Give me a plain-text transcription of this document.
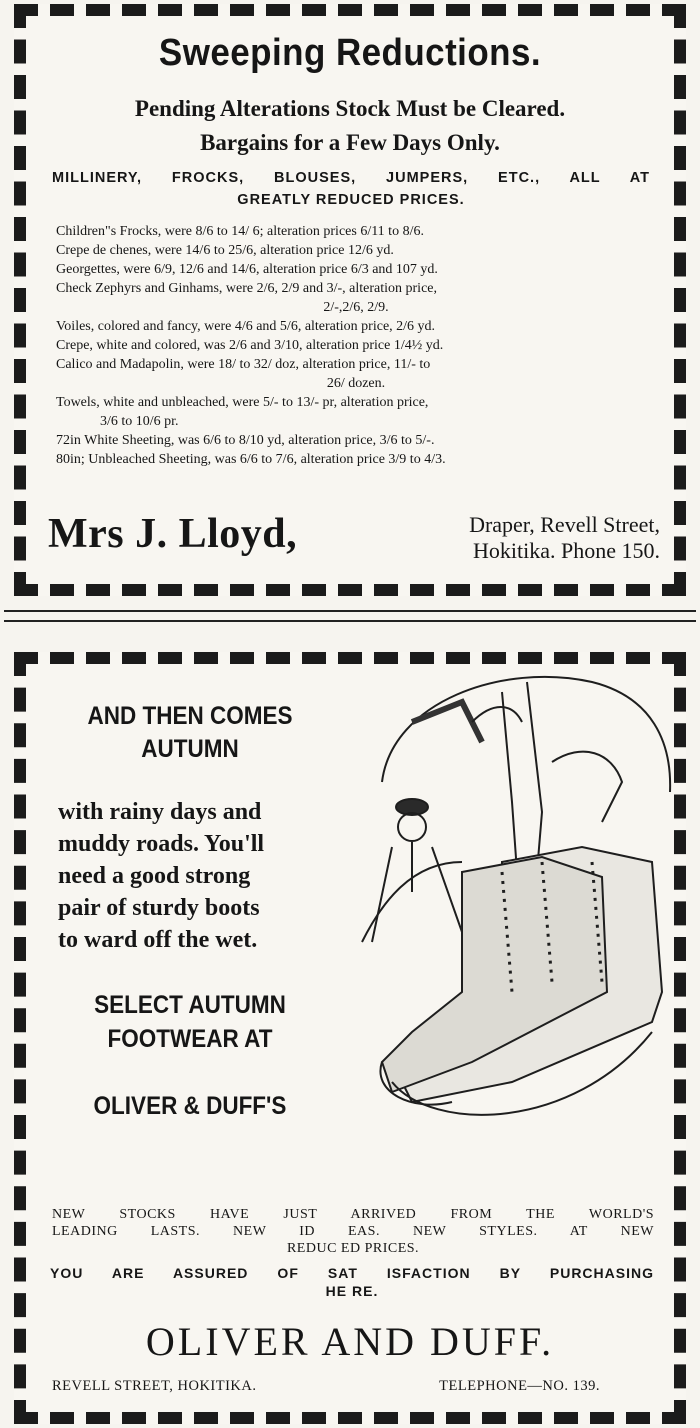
Sweeping Reductions.
Pending Alterations Stock Must be Cleared.
Bargains for a Few Days Only.
MILLINERY, FROCKS, BLOUSES, JUMPERS, ETC., ALL AT
GREATLY REDUCED PRICES.

Children"s Frocks, were 8/6 to 14/ 6; alteration prices 6/11 to 8/6.

Crepe de chenes, were 14/6 to 25/6, alteration price 12/6 yd.

Georgettes, were 6/9, 12/6 and 14/6, alteration price 6/3 and 107 yd.

Check Zephyrs and Ginhams, were 2/6, 2/9 and 3/-, alteration price,
2/-,2/6, 2/9.

Voiles, colored and fancy, were 4/6 and 5/6, alteration price, 2/6 yd.

Crepe, white and colored, was 2/6 and 3/10, alteration price 1/4½ yd.

Calico and Madapolin, were 18/ to 32/ doz, alteration price, 11/- to
26/ dozen.

Towels, white and unbleached, were 5/- to 13/- pr, alteration price,
3/6 to 10/6 pr.

72in White Sheeting, was 6/6 to 8/10 yd, alteration price, 3/6 to 5/-.

80in; Unbleached Sheeting, was 6/6 to 7/6, alteration price 3/9 to 4/3.

Mrs J. Lloyd,	Draper, Revell Street,
Hokitika. Phone 150.
AND THEN COMES
AUTUMN
with rainy days and
muddy roads. You'll
need a good strong
pair of sturdy boots
to ward off the wet.
SELECT AUTUMN
FOOTWEAR AT
OLIVER & DUFF'S
NEW STOCKS HAVE JUST ARRIVED FROM THE WORLD'S
LEADING LASTS. NEW ID EAS. NEW STYLES. AT NEW
REDUC ED PRICES.
YOU ARE ASSURED OF SAT ISFACTION BY PURCHASING
HE RE.
OLIVER AND DUFF.
REVELL STREET, HOKITIKA.	TELEPHONE—NO. 139.
